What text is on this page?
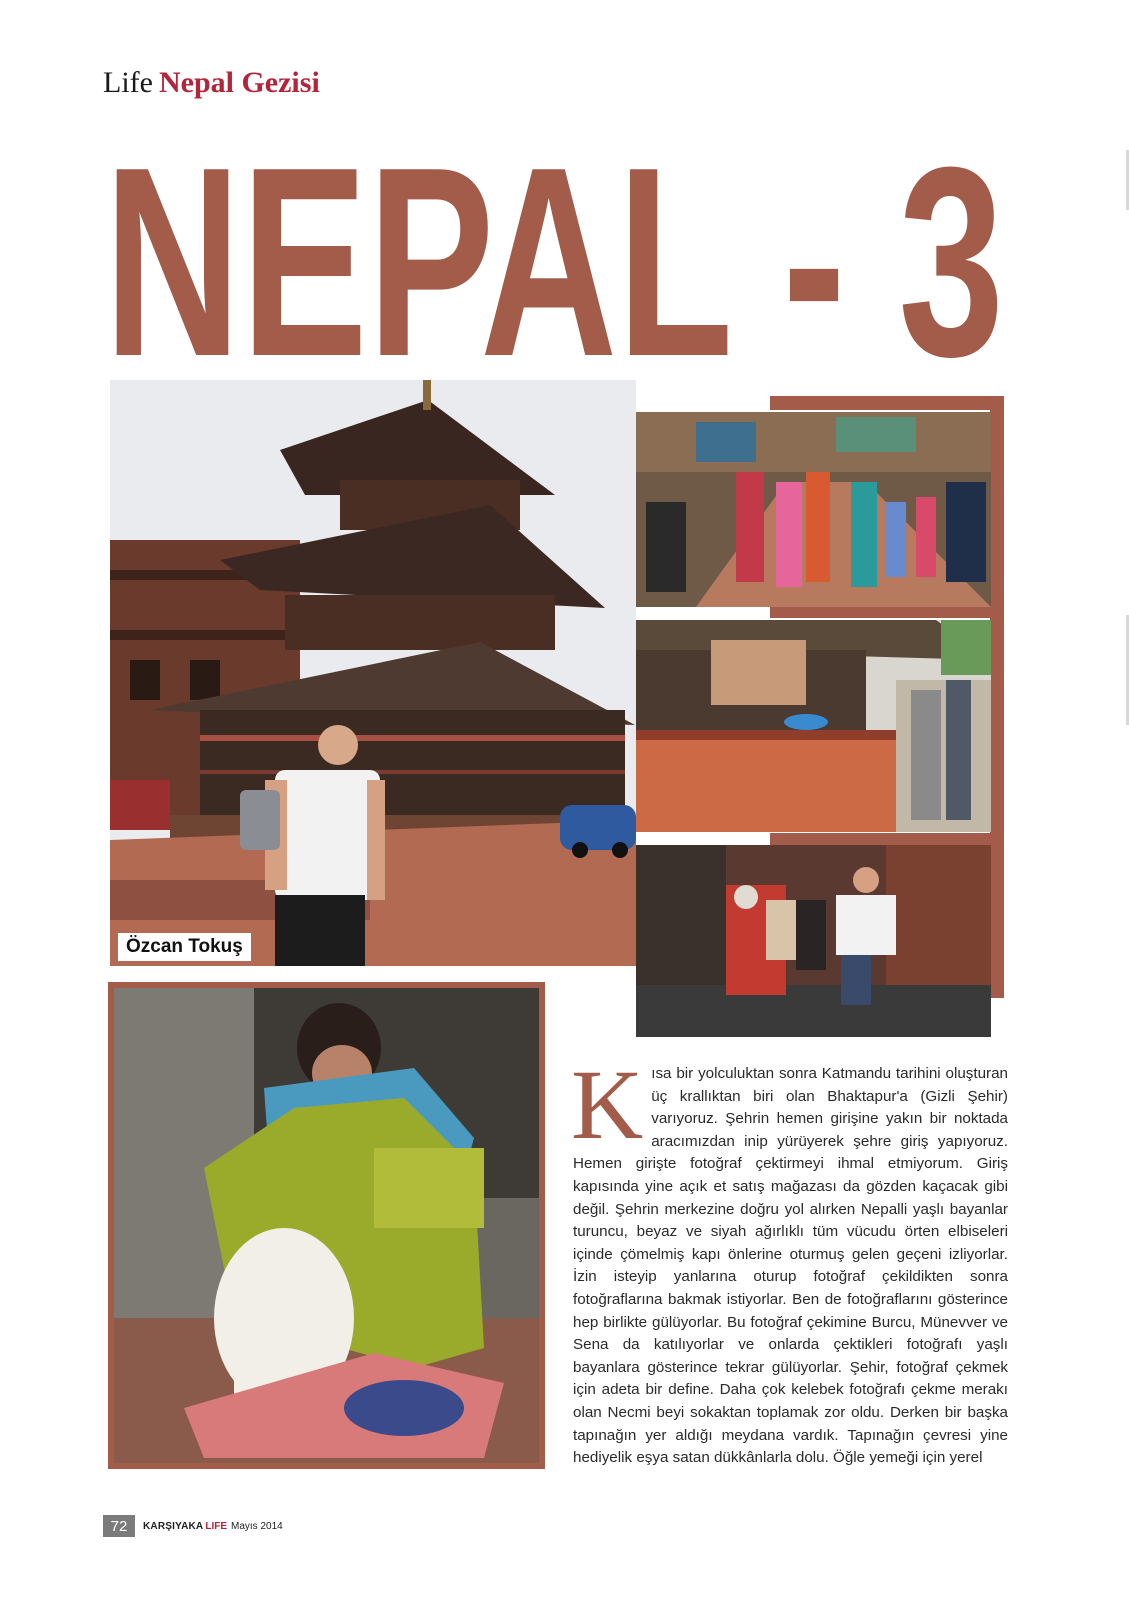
Life Nepal Gezisi
NEPAL - 3
Özcan Tokuş
Kısa bir yolculuktan sonra Katmandu tarihini oluşturan üç krallıktan biri olan Bhaktapur'a (Gizli Şehir) varıyoruz. Şehrin hemen girişine yakın bir noktada aracımızdan inip yürüyerek şehre giriş yapıyoruz. Hemen girişte fotoğraf çektirmeyi ihmal etmiyorum. Giriş kapısında yine açık et satış mağazası da gözden kaçacak gibi değil. Şehrin merkezine doğru yol alırken Nepalli yaşlı bayanlar turuncu, beyaz ve siyah ağırlıklı tüm vücudu örten elbiseleri içinde çömelmiş kapı önlerine oturmuş gelen geçeni izliyorlar. İzin isteyip yanlarına oturup fotoğraf çekildikten sonra fotoğraflarına bakmak istiyorlar. Ben de fotoğraflarını gösterince hep birlikte gülüyorlar. Bu fotoğraf çekimine Burcu, Münevver ve Sena da katılıyorlar ve onlarda çektikleri fotoğrafı yaşlı bayanlara gösterince tekrar gülüyorlar. Şehir, fotoğraf çekmek için adeta bir define. Daha çok kelebek fotoğrafı çekme merakı olan Necmi beyi sokaktan toplamak zor oldu. Derken bir başka tapınağın yer aldığı meydana vardık. Tapınağın çevresi yine hediyelik eşya satan dükkânlarla dolu. Öğle yemeği için yerel
72	KARŞIYAKA LIFE Mayıs 2014
